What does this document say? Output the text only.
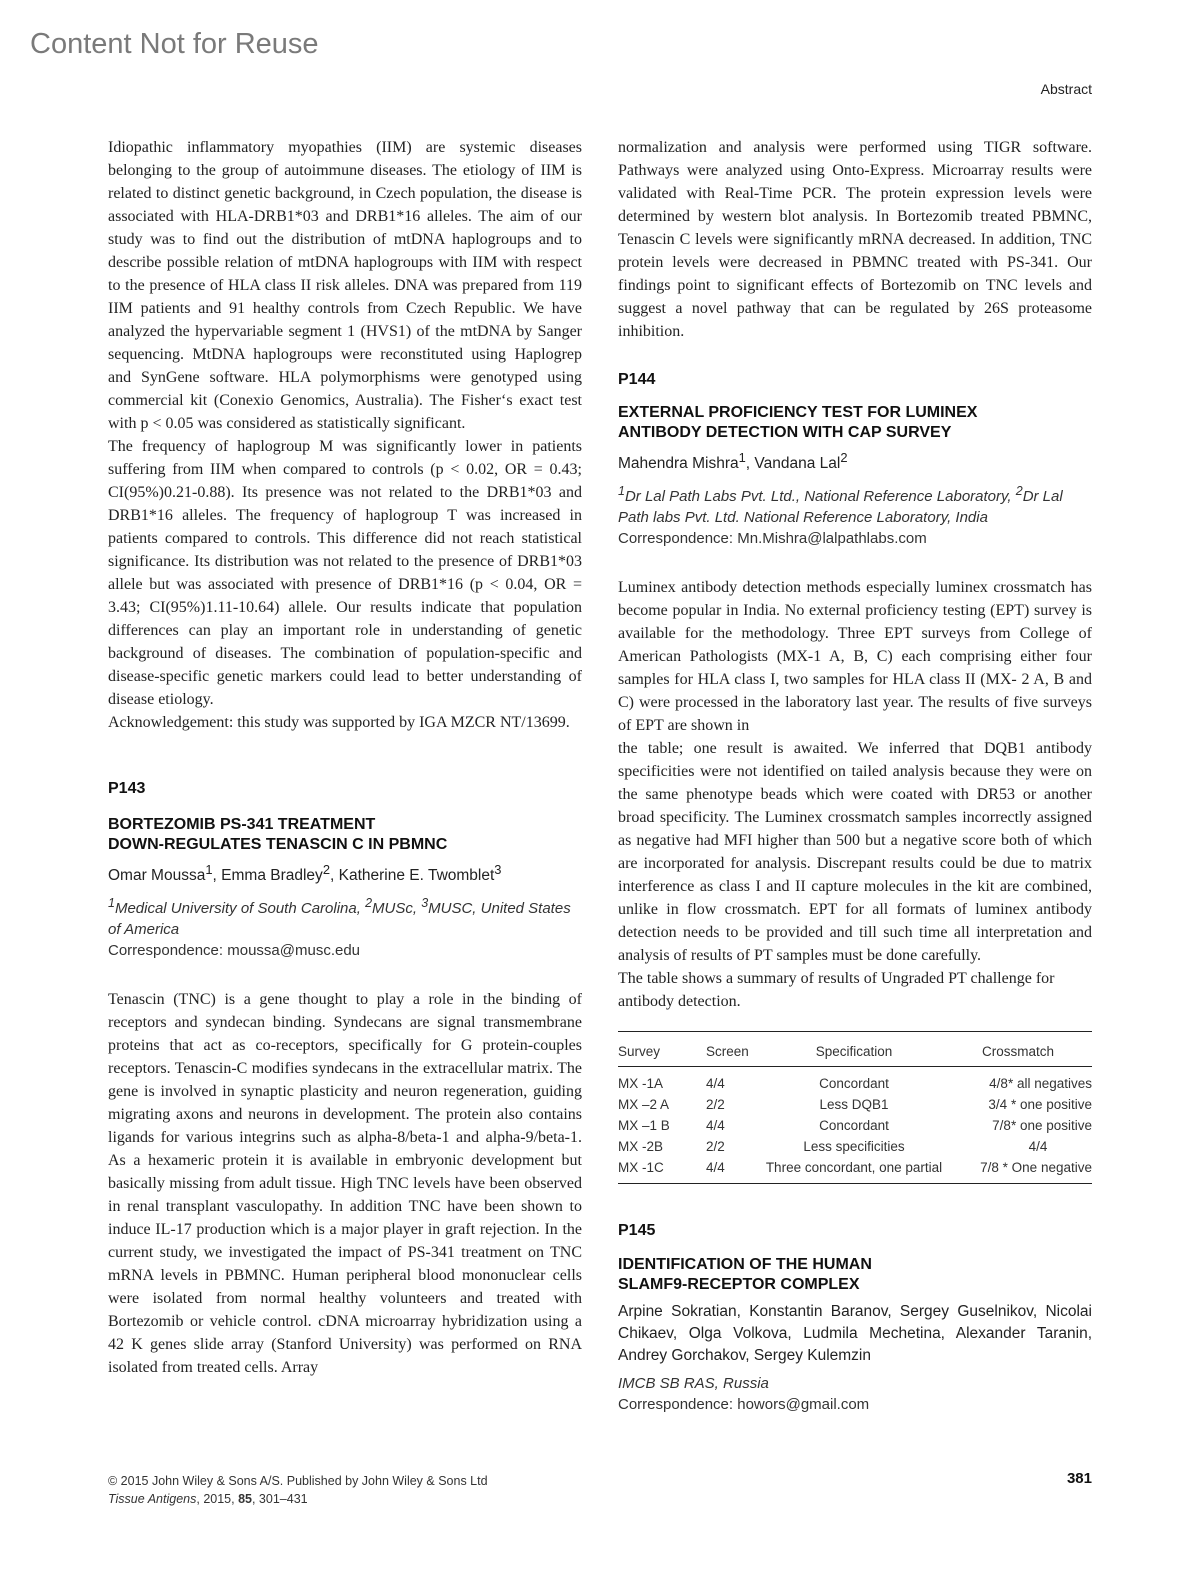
Content Not for Reuse
Abstract

Idiopathic inflammatory myopathies (IIM) are systemic diseases belonging to the group of autoimmune diseases. The etiology of IIM is related to distinct genetic background, in Czech population, the disease is associated with HLA-DRB1*03 and DRB1*16 alleles. The aim of our study was to find out the distribution of mtDNA haplogroups and to describe possible relation of mtDNA haplogroups with IIM with respect to the presence of HLA class II risk alleles. DNA was prepared from 119 IIM patients and 91 healthy controls from Czech Republic. We have analyzed the hypervariable segment 1 (HVS1) of the mtDNA by Sanger sequencing. MtDNA haplogroups were reconstituted using Haplogrep and SynGene software. HLA polymorphisms were genotyped using commercial kit (Conexio Genomics, Australia). The Fisher‘s exact test with p < 0.05 was considered as statistically significant.

The frequency of haplogroup M was significantly lower in patients suffering from IIM when compared to controls (p < 0.02, OR = 0.43; CI(95%)0.21-0.88). Its presence was not related to the DRB1*03 and DRB1*16 alleles. The frequency of haplogroup T was increased in patients compared to controls. This difference did not reach statistical significance. Its distribution was not related to the presence of DRB1*03 allele but was associated with presence of DRB1*16 (p < 0.04, OR = 3.43; CI(95%)1.11-10.64) allele. Our results indicate that population differences can play an important role in understanding of genetic background of diseases. The combination of population-specific and disease-specific genetic markers could lead to better understanding of disease etiology.

Acknowledgement: this study was supported by IGA MZCR NT/13699.

P143

BORTEZOMIB PS-341 TREATMENT
DOWN-REGULATES TENASCIN C IN PBMNC

Omar Moussa$^1$, Emma Bradley$^2$, Katherine E. Twomblet$^3$

$^1$Medical University of South Carolina, $^2$MUSc, $^3$MUSC, United States of America

Correspondence: moussa@musc.edu

Tenascin (TNC) is a gene thought to play a role in the binding of receptors and syndecan binding. Syndecans are signal transmembrane proteins that act as co-receptors, specifically for G protein-couples receptors. Tenascin-C modifies syndecans in the extracellular matrix. The gene is involved in synaptic plasticity and neuron regeneration, guiding migrating axons and neurons in development. The protein also contains ligands for various integrins such as alpha-8/beta-1 and alpha-9/beta-1. As a hexameric protein it is available in embryonic development but basically missing from adult tissue. High TNC levels have been observed in renal transplant vasculopathy. In addition TNC have been shown to induce IL-17 production which is a major player in graft rejection. In the current study, we investigated the impact of PS-341 treatment on TNC mRNA levels in PBMNC. Human peripheral blood mononuclear cells were isolated from normal healthy volunteers and treated with Bortezomib or vehicle control. cDNA microarray hybridization using a 42 K genes slide array (Stanford University) was performed on RNA isolated from treated cells. Array

normalization and analysis were performed using TIGR software. Pathways were analyzed using Onto-Express. Microarray results were validated with Real-Time PCR. The protein expression levels were determined by western blot analysis. In Bortezomib treated PBMNC, Tenascin C levels were significantly mRNA decreased. In addition, TNC protein levels were decreased in PBMNC treated with PS-341. Our findings point to significant effects of Bortezomib on TNC levels and suggest a novel pathway that can be regulated by 26S proteasome inhibition.

P144

EXTERNAL PROFICIENCY TEST FOR LUMINEX
ANTIBODY DETECTION WITH CAP SURVEY

Mahendra Mishra$^1$, Vandana Lal$^2$

$^1$Dr Lal Path Labs Pvt. Ltd., National Reference Laboratory, $^2$Dr Lal Path labs Pvt. Ltd. National Reference Laboratory, India

Correspondence: Mn.Mishra@lalpathlabs.com

Luminex antibody detection methods especially luminex crossmatch has become popular in India. No external proficiency testing (EPT) survey is available for the methodology. Three EPT surveys from College of American Pathologists (MX-1 A, B, C) each comprising either four samples for HLA class I, two samples for HLA class II (MX- 2 A, B and C) were processed in the laboratory last year. The results of five surveys of EPT are shown in

the table; one result is awaited. We inferred that DQB1 antibody specificities were not identified on tailed analysis because they were on the same phenotype beads which were coated with DR53 or another broad specificity. The Luminex crossmatch samples incorrectly assigned as negative had MFI higher than 500 but a negative score both of which are incorporated for analysis. Discrepant results could be due to matrix interference as class I and II capture molecules in the kit are combined, unlike in flow crossmatch. EPT for all formats of luminex antibody detection needs to be provided and till such time all interpretation and analysis of results of PT samples must be done carefully.

The table shows a summary of results of Ungraded PT challenge for antibody detection.

Survey	Screen	Specification	Crossmatch
MX -1A	4/4	Concordant	4/8* all negatives
MX –2 A	2/2	Less DQB1	3/4 * one positive
MX –1 B	4/4	Concordant	7/8* one positive
MX -2B	2/2	Less specificities	4/4
MX -1C	4/4	Three concordant, one partial	7/8 * One negative

P145

IDENTIFICATION OF THE HUMAN
SLAMF9-RECEPTOR COMPLEX

Arpine Sokratian, Konstantin Baranov, Sergey Guselnikov, Nicolai Chikaev, Olga Volkova, Ludmila Mechetina, Alexander Taranin, Andrey Gorchakov, Sergey Kulemzin

IMCB SB RAS, Russia

Correspondence: howors@gmail.com

© 2015 John Wiley & Sons A/S. Published by John Wiley & Sons Ltd
Tissue Antigens, 2015, 85, 301–431
381
